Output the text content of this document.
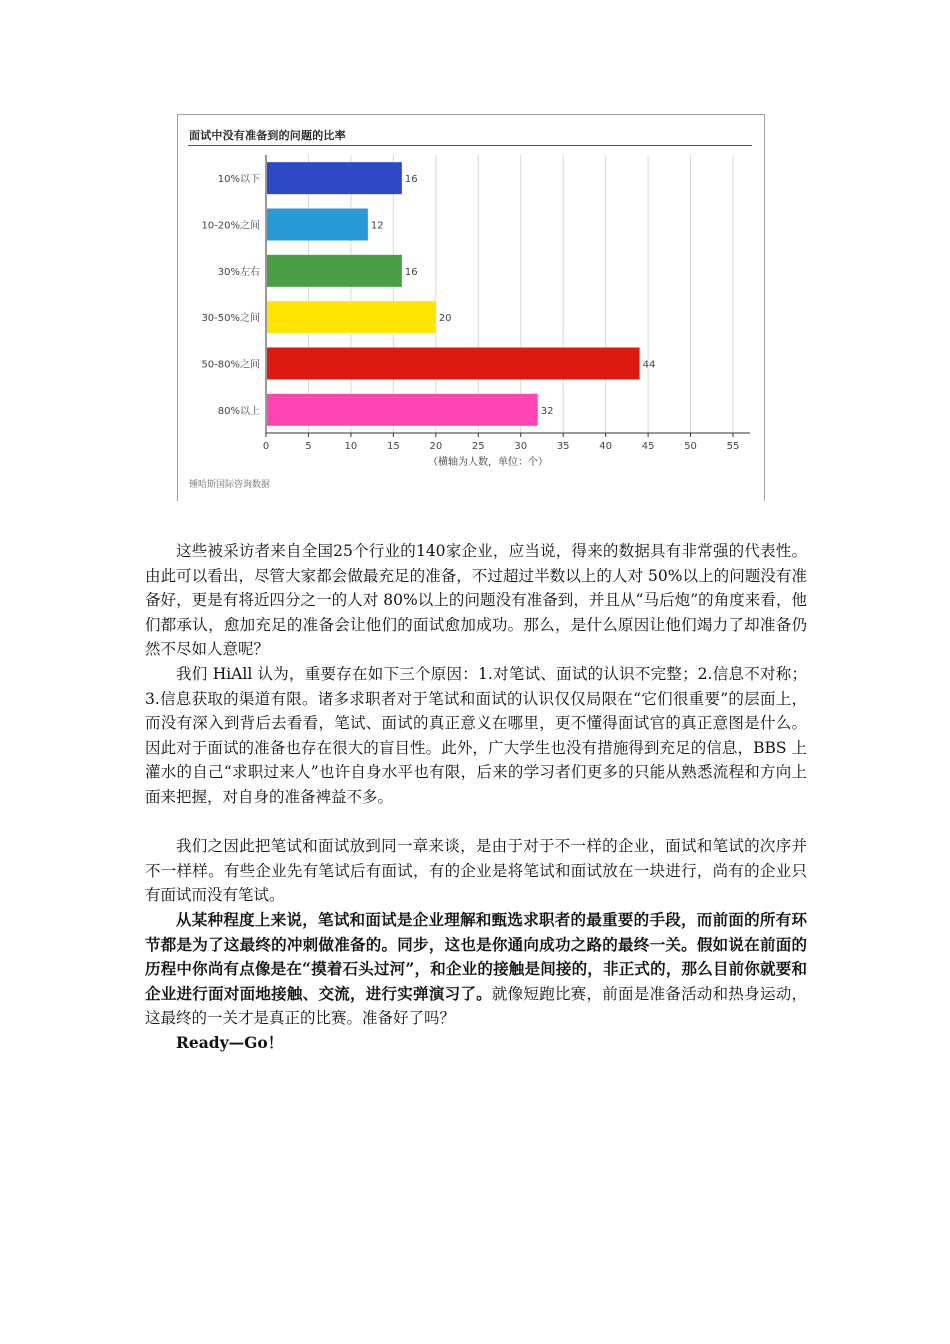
面试中没有准备到的问题的比率
0	5	10	15	20	25	30	35	40	45	50	55
10%以下	16
10-20%之间	12
30%左右	16
30-50%之间	20
50-80%之间	44
80%以上	32
（横轴为人数，单位：个）
锺哈斯国际咨询数据

这些被采访者来自全国25个行业的140家企业，应当说，得来的数据具有非常强的代表性。由此可以看出，尽管大家都会做最充足的准备，不过超过半数以上的人对 50%以上的问题没有准备好，更是有将近四分之一的人对 80%以上的问题没有准备到，并且从“马后炮”的角度来看，他们都承认，愈加充足的准备会让他们的面试愈加成功。那么，是什么原因让他们竭力了却准备仍然不尽如人意呢？

我们 HiAll 认为，重要存在如下三个原因：1.对笔试、面试的认识不完整；2.信息不对称；3.信息获取的渠道有限。诸多求职者对于笔试和面试的认识仅仅局限在“它们很重要”的层面上，而没有深入到背后去看看，笔试、面试的真正意义在哪里，更不懂得面试官的真正意图是什么。因此对于面试的准备也存在很大的盲目性。此外，广大学生也没有措施得到充足的信息，BBS 上灌水的自己“求职过来人”也许自身水平也有限，后来的学习者们更多的只能从熟悉流程和方向上面来把握，对自身的准备裨益不多。

我们之因此把笔试和面试放到同一章来谈，是由于对于不一样的企业，面试和笔试的次序并不一样样。有些企业先有笔试后有面试，有的企业是将笔试和面试放在一块进行，尚有的企业只有面试而没有笔试。

从某种程度上来说，笔试和面试是企业理解和甄选求职者的最重要的手段，而前面的所有环节都是为了这最终的冲刺做准备的。同步，这也是你通向成功之路的最终一关。假如说在前面的历程中你尚有点像是在“摸着石头过河”，和企业的接触是间接的，非正式的，那么目前你就要和企业进行面对面地接触、交流，进行实弹演习了。就像短跑比赛，前面是准备活动和热身运动，这最终的一关才是真正的比赛。准备好了吗？

Ready—Go！
